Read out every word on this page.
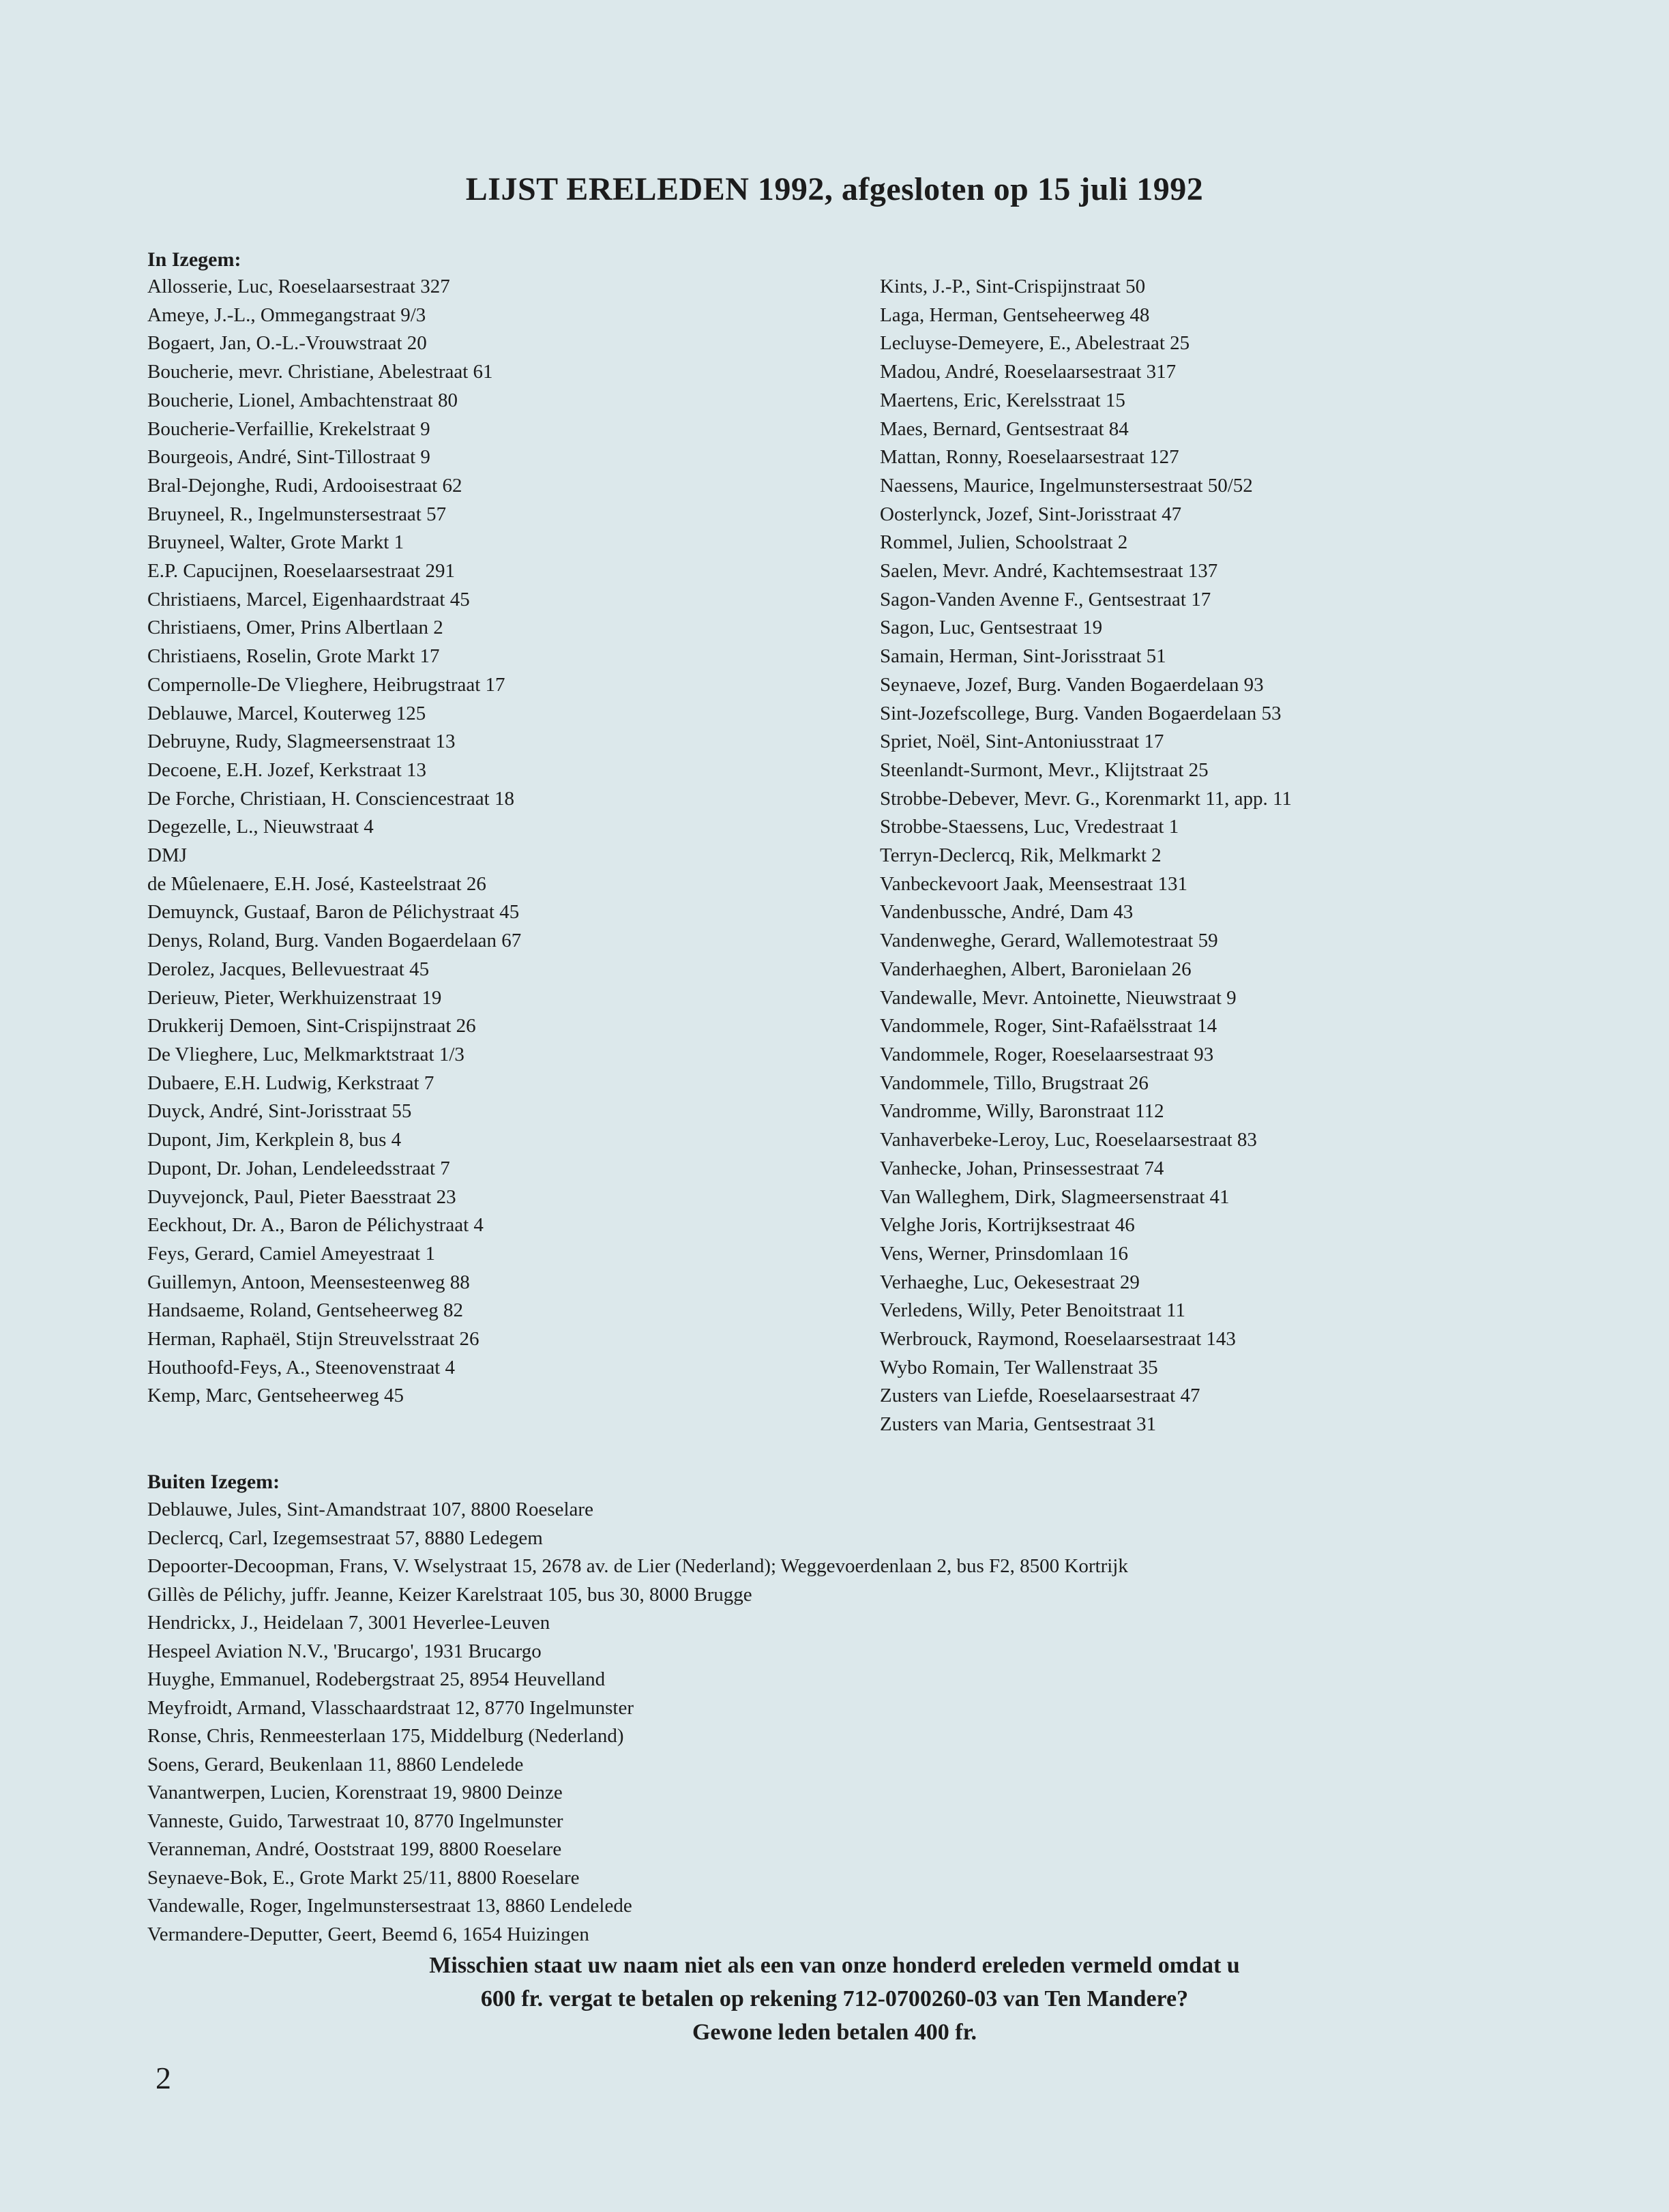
LIJST ERELEDEN 1992, afgesloten op 15 juli 1992
In Izegem:
Allosserie, Luc, Roeselaarsestraat 327
Ameye, J.-L., Ommegangstraat 9/3
Bogaert, Jan, O.-L.-Vrouwstraat 20
Boucherie, mevr. Christiane, Abelestraat 61
Boucherie, Lionel, Ambachtenstraat 80
Boucherie-Verfaillie, Krekelstraat 9
Bourgeois, André, Sint-Tillostraat 9
Bral-Dejonghe, Rudi, Ardooisestraat 62
Bruyneel, R., Ingelmunstersestraat 57
Bruyneel, Walter, Grote Markt 1
E.P. Capucijnen, Roeselaarsestraat 291
Christiaens, Marcel, Eigenhaardstraat 45
Christiaens, Omer, Prins Albertlaan 2
Christiaens, Roselin, Grote Markt 17
Compernolle-De Vlieghere, Heibrugstraat 17
Deblauwe, Marcel, Kouterweg 125
Debruyne, Rudy, Slagmeersenstraat 13
Decoene, E.H. Jozef, Kerkstraat 13
De Forche, Christiaan, H. Consciencestraat 18
Degezelle, L., Nieuwstraat 4
DMJ
de Mûelenaere, E.H. José, Kasteelstraat 26
Demuynck, Gustaaf, Baron de Pélichystraat 45
Denys, Roland, Burg. Vanden Bogaerdelaan 67
Derolez, Jacques, Bellevuestraat 45
Derieuw, Pieter, Werkhuizenstraat 19
Drukkerij Demoen, Sint-Crispijnstraat 26
De Vlieghere, Luc, Melkmarktstraat 1/3
Dubaere, E.H. Ludwig, Kerkstraat 7
Duyck, André, Sint-Jorisstraat 55
Dupont, Jim, Kerkplein 8, bus 4
Dupont, Dr. Johan, Lendeleedsstraat 7
Duyvejonck, Paul, Pieter Baesstraat 23
Eeckhout, Dr. A., Baron de Pélichystraat 4
Feys, Gerard, Camiel Ameyestraat 1
Guillemyn, Antoon, Meensesteenweg 88
Handsaeme, Roland, Gentseheerweg 82
Herman, Raphaël, Stijn Streuvelsstraat 26
Houthoofd-Feys, A., Steenovenstraat 4
Kemp, Marc, Gentseheerweg 45
Kints, J.-P., Sint-Crispijnstraat 50
Laga, Herman, Gentseheerweg 48
Lecluyse-Demeyere, E., Abelestraat 25
Madou, André, Roeselaarsestraat 317
Maertens, Eric, Kerelsstraat 15
Maes, Bernard, Gentsestraat 84
Mattan, Ronny, Roeselaarsestraat 127
Naessens, Maurice, Ingelmunstersestraat 50/52
Oosterlynck, Jozef, Sint-Jorisstraat 47
Rommel, Julien, Schoolstraat 2
Saelen, Mevr. André, Kachtemsestraat 137
Sagon-Vanden Avenne F., Gentsestraat 17
Sagon, Luc, Gentsestraat 19
Samain, Herman, Sint-Jorisstraat 51
Seynaeve, Jozef, Burg. Vanden Bogaerdelaan 93
Sint-Jozefscollege, Burg. Vanden Bogaerdelaan 53
Spriet, Noël, Sint-Antoniusstraat 17
Steenlandt-Surmont, Mevr., Klijtstraat 25
Strobbe-Debever, Mevr. G., Korenmarkt 11, app. 11
Strobbe-Staessens, Luc, Vredestraat 1
Terryn-Declercq, Rik, Melkmarkt 2
Vanbeckevoort Jaak, Meensestraat 131
Vandenbussche, André, Dam 43
Vandenweghe, Gerard, Wallemotestraat 59
Vanderhaeghen, Albert, Baronielaan 26
Vandewalle, Mevr. Antoinette, Nieuwstraat 9
Vandommele, Roger, Sint-Rafaëlsstraat 14
Vandommele, Roger, Roeselaarsestraat 93
Vandommele, Tillo, Brugstraat 26
Vandromme, Willy, Baronstraat 112
Vanhaverbeke-Leroy, Luc, Roeselaarsestraat 83
Vanhecke, Johan, Prinsessestraat 74
Van Walleghem, Dirk, Slagmeersenstraat 41
Velghe Joris, Kortrijksestraat 46
Vens, Werner, Prinsdomlaan 16
Verhaeghe, Luc, Oekesestraat 29
Verledens, Willy, Peter Benoitstraat 11
Werbrouck, Raymond, Roeselaarsestraat 143
Wybo Romain, Ter Wallenstraat 35
Zusters van Liefde, Roeselaarsestraat 47
Zusters van Maria, Gentsestraat 31
Buiten Izegem:
Deblauwe, Jules, Sint-Amandstraat 107, 8800 Roeselare
Declercq, Carl, Izegemsestraat 57, 8880 Ledegem
Depoorter-Decoopman, Frans, V. Wselystraat 15, 2678 av. de Lier (Nederland); Weggevoerdenlaan 2, bus F2, 8500 Kortrijk
Gillès de Pélichy, juffr. Jeanne, Keizer Karelstraat 105, bus 30, 8000 Brugge
Hendrickx, J., Heidelaan 7, 3001 Heverlee-Leuven
Hespeel Aviation N.V., 'Brucargo', 1931 Brucargo
Huyghe, Emmanuel, Rodebergstraat 25, 8954 Heuvelland
Meyfroidt, Armand, Vlasschaardstraat 12, 8770 Ingelmunster
Ronse, Chris, Renmeesterlaan 175, Middelburg (Nederland)
Soens, Gerard, Beukenlaan 11, 8860 Lendelede
Vanantwerpen, Lucien, Korenstraat 19, 9800 Deinze
Vanneste, Guido, Tarwestraat 10, 8770 Ingelmunster
Veranneman, André, Ooststraat 199, 8800 Roeselare
Seynaeve-Bok, E., Grote Markt 25/11, 8800 Roeselare
Vandewalle, Roger, Ingelmunstersestraat 13, 8860 Lendelede
Vermandere-Deputter, Geert, Beemd 6, 1654 Huizingen
Misschien staat uw naam niet als een van onze honderd ereleden vermeld omdat u
600 fr. vergat te betalen op rekening 712-0700260-03 van Ten Mandere?
Gewone leden betalen 400 fr.
2
